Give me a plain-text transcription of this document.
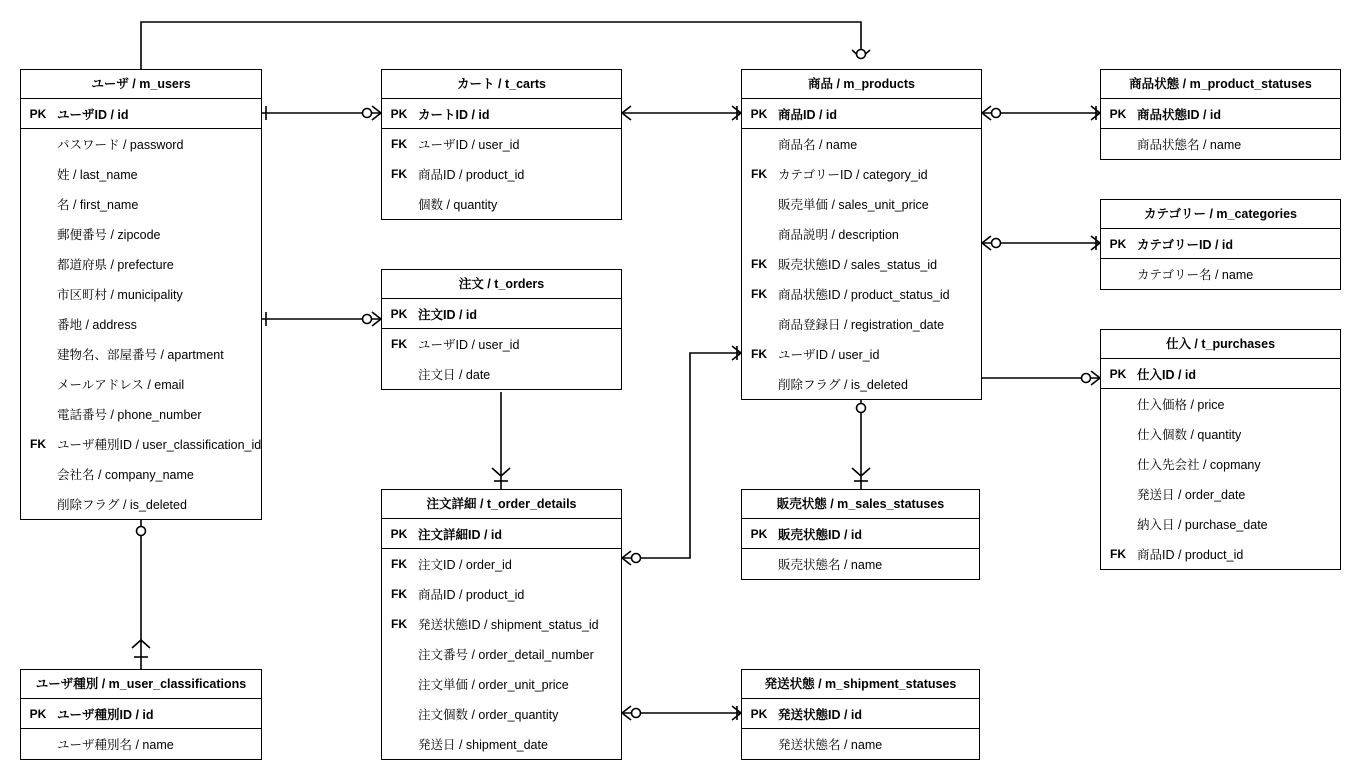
ユーザ / m_users
PK ユーザID / id
パスワード / password
姓 / last_name
名 / first_name
郵便番号 / zipcode
都道府県 / prefecture
市区町村 / municipality
番地 / address
建物名、部屋番号 / apartment
メールアドレス / email
電話番号 / phone_number
FK ユーザ種別ID / user_classification_id
会社名 / company_name
削除フラグ / is_deleted
カート / t_carts
PK カートID / id
FK ユーザID / user_id
FK 商品ID / product_id
個数 / quantity
注文 / t_orders
PK 注文ID / id
FK ユーザID / user_id
注文日 / date
注文詳細 / t_order_details
PK 注文詳細ID / id
FK 注文ID / order_id
FK 商品ID / product_id
FK 発送状態ID / shipment_status_id
注文番号 / order_detail_number
注文単価 / order_unit_price
注文個数 / order_quantity
発送日 / shipment_date
商品 / m_products
PK 商品ID / id
商品名 / name
FK カテゴリーID / category_id
販売単価 / sales_unit_price
商品説明 / description
FK 販売状態ID / sales_status_id
FK 商品状態ID / product_status_id
商品登録日 / registration_date
FK ユーザID / user_id
削除フラグ / is_deleted
販売状態 / m_sales_statuses
PK 販売状態ID / id
販売状態名 / name
発送状態 / m_shipment_statuses
PK 発送状態ID / id
発送状態名 / name
ユーザ種別 / m_user_classifications
PK ユーザ種別ID / id
ユーザ種別名 / name
商品状態 / m_product_statuses
PK 商品状態ID / id
商品状態名 / name
カテゴリー / m_categories
PK カテゴリーID / id
カテゴリー名 / name
仕入 / t_purchases
PK 仕入ID / id
仕入価格 / price
仕入個数 / quantity
仕入先会社 / copmany
発送日 / order_date
納入日 / purchase_date
FK 商品ID / product_id
